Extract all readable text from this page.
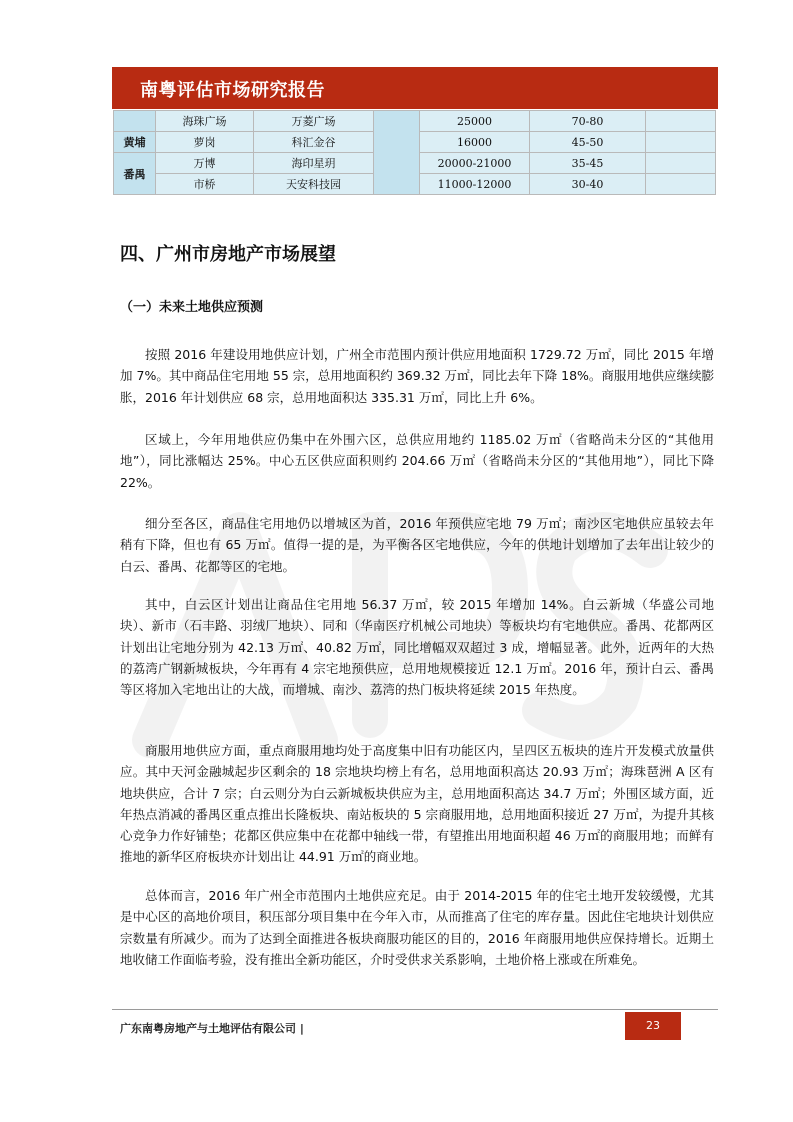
南粤评估市场研究报告
	海珠广场	万菱广场		25000	70-80	
黄埔	萝岗	科汇金谷		16000	45-50	
番禺	万博	海印星玥		20000-21000	35-45	
	市桥	天安科技园		11000-12000	30-40	
四、广州市房地产市场展望
（一）未来土地供应预测

按照 2016 年建设用地供应计划，广州全市范围内预计供应用地面积 1729.72 万㎡，同比 2015 年增加 7%。其中商品住宅用地 55 宗，总用地面积约 369.32 万㎡，同比去年下降 18%。商服用地供应继续膨胀，2016 年计划供应 68 宗，总用地面积达 335.31 万㎡，同比上升 6%。

区域上，今年用地供应仍集中在外围六区，总供应用地约 1185.02 万㎡（省略尚未分区的“其他用地”），同比涨幅达 25%。中心五区供应面积则约 204.66 万㎡（省略尚未分区的“其他用地”），同比下降 22%。

细分至各区，商品住宅用地仍以增城区为首，2016 年预供应宅地 79 万㎡；南沙区宅地供应虽较去年稍有下降，但也有 65 万㎡。值得一提的是，为平衡各区宅地供应，今年的供地计划增加了去年出让较少的白云、番禺、花都等区的宅地。

其中，白云区计划出让商品住宅用地 56.37 万㎡，较 2015 年增加 14%。白云新城（华盛公司地块）、新市（石丰路、羽绒厂地块）、同和（华南医疗机械公司地块）等板块均有宅地供应。番禺、花都两区计划出让宅地分别为 42.13 万㎡、40.82 万㎡，同比增幅双双超过 3 成，增幅显著。此外，近两年的大热的荔湾广钢新城板块，今年再有 4 宗宅地预供应，总用地规模接近 12.1 万㎡。2016 年，预计白云、番禺等区将加入宅地出让的大战，而增城、南沙、荔湾的热门板块将延续 2015 年热度。

商服用地供应方面，重点商服用地均处于高度集中旧有功能区内，呈四区五板块的连片开发模式放量供应。其中天河金融城起步区剩余的 18 宗地块均榜上有名，总用地面积高达 20.93 万㎡；海珠琶洲 A 区有地块供应，合计 7 宗；白云则分为白云新城板块供应为主，总用地面积高达 34.7 万㎡；外围区域方面，近年热点消减的番禺区重点推出长隆板块、南站板块的 5 宗商服用地，总用地面积接近 27 万㎡，为提升其核心竞争力作好铺垫；花都区供应集中在花都中轴线一带，有望推出用地面积超 46 万㎡的商服用地；而鲜有推地的新华区府板块亦计划出让 44.91 万㎡的商业地。

总体而言，2016 年广州全市范围内土地供应充足。由于 2014-2015 年的住宅土地开发较缓慢，尤其是中心区的高地价项目，积压部分项目集中在今年入市，从而推高了住宅的库存量。因此住宅地块计划供应宗数量有所减少。而为了达到全面推进各板块商服功能区的目的，2016 年商服用地供应保持增长。近期土地收储工作面临考验，没有推出全新功能区，介时受供求关系影响，土地价格上涨或在所难免。

广东南粤房地产与土地评估有限公司 |	23
